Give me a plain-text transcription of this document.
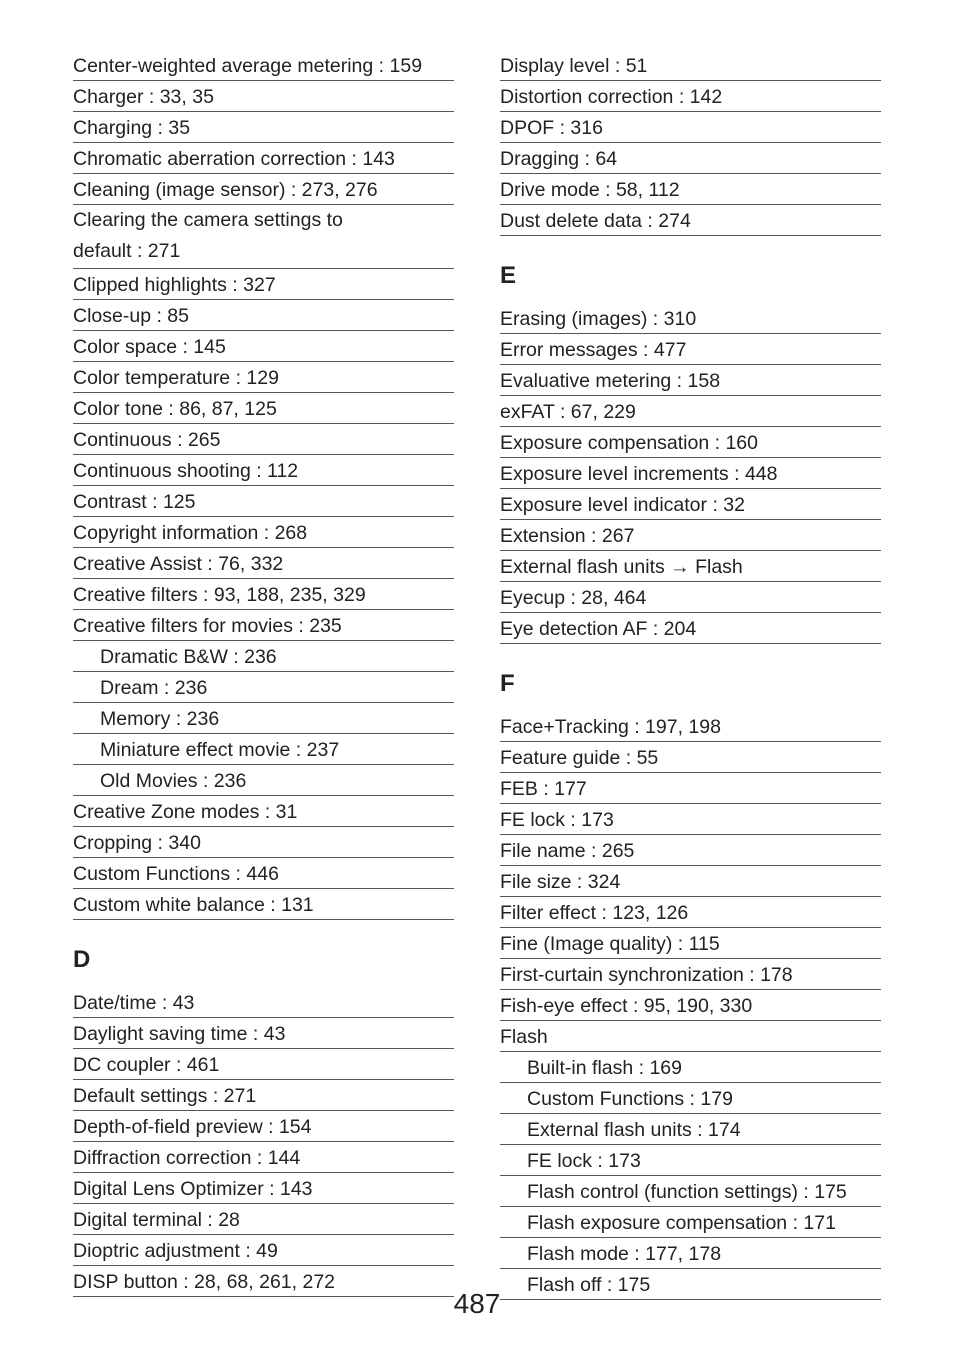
Center-weighted average metering : 159
Charger : 33, 35
Charging : 35
Chromatic aberration correction : 143
Cleaning (image sensor) : 273, 276
Clearing the camera settings to
default : 271
Clipped highlights : 327
Close-up : 85
Color space : 145
Color temperature : 129
Color tone : 86, 87, 125
Continuous : 265
Continuous shooting : 112
Contrast : 125
Copyright information : 268
Creative Assist : 76, 332
Creative filters : 93, 188, 235, 329
Creative filters for movies : 235
Dramatic B&W : 236
Dream : 236
Memory : 236
Miniature effect movie : 237
Old Movies : 236
Creative Zone modes : 31
Cropping : 340
Custom Functions : 446
Custom white balance : 131
D
Date/time : 43
Daylight saving time : 43
DC coupler : 461
Default settings : 271
Depth-of-field preview : 154
Diffraction correction : 144
Digital Lens Optimizer : 143
Digital terminal : 28
Dioptric adjustment : 49
DISP button : 28, 68, 261, 272
Display level : 51
Distortion correction : 142
DPOF : 316
Dragging : 64
Drive mode : 58, 112
Dust delete data : 274
E
Erasing (images) : 310
Error messages : 477
Evaluative metering : 158
exFAT : 67, 229
Exposure compensation : 160
Exposure level increments : 448
Exposure level indicator : 32
Extension : 267
External flash units → Flash
Eyecup : 28, 464
Eye detection AF : 204
F
Face+Tracking : 197, 198
Feature guide : 55
FEB : 177
FE lock : 173
File name : 265
File size : 324
Filter effect : 123, 126
Fine (Image quality) : 115
First-curtain synchronization : 178
Fish-eye effect : 95, 190, 330
Flash
Built-in flash : 169
Custom Functions : 179
External flash units : 174
FE lock : 173
Flash control (function settings) : 175
Flash exposure compensation : 171
Flash mode : 177, 178
Flash off : 175
487
